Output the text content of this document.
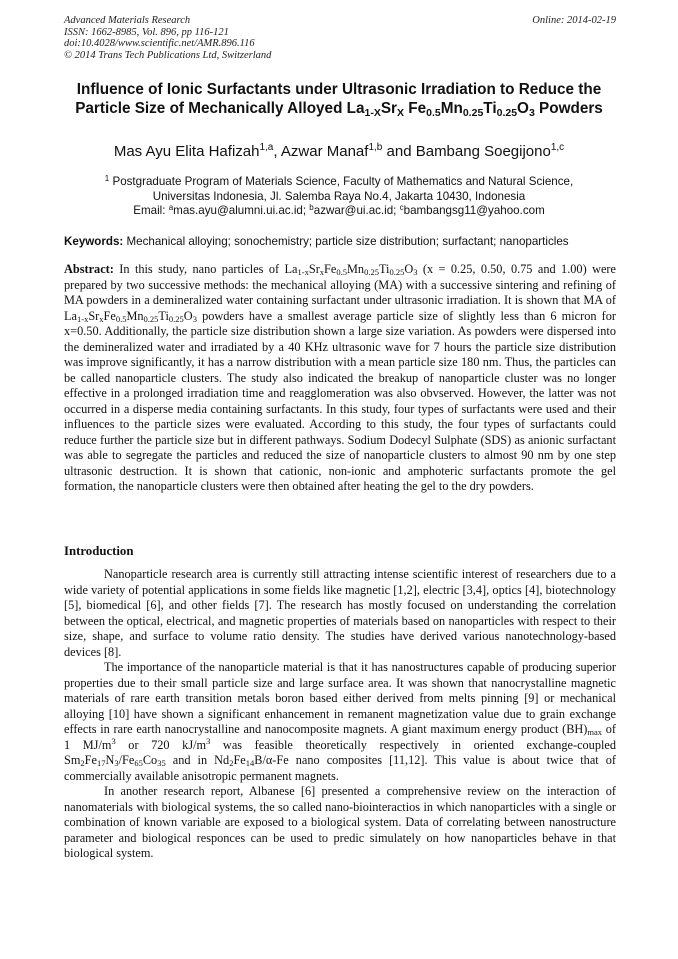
Advanced Materials Research
ISSN: 1662-8985, Vol. 896, pp 116-121
doi:10.4028/www.scientific.net/AMR.896.116
© 2014 Trans Tech Publications Ltd, Switzerland
Online: 2014-02-19
Influence of Ionic Surfactants under Ultrasonic Irradiation to Reduce the
Particle Size of Mechanically Alloyed $La_{1-X}Sr_X$ $Fe_{0.5}Mn_{0.25}Ti_{0.25}O_3$ Powders
Mas Ayu Elita Hafizah$^{1,a}$, Azwar Manaf$^{1,b}$ and Bambang Soegijono$^{1,c}$
$^1$ Postgraduate Program of Materials Science, Faculty of Mathematics and Natural Science,
Universitas Indonesia, Jl. Salemba Raya No.4, Jakarta 10430, Indonesia
Email: $^a$mas.ayu@alumni.ui.ac.id; $^b$azwar@ui.ac.id; $^c$bambangsg11@yahoo.com
Keywords: Mechanical alloying; sonochemistry; particle size distribution; surfactant; nanoparticles
Abstract: In this study, nano particles of $La_{1-x}Sr_xFe_{0.5}Mn_{0.25}Ti_{0.25}O_3$ (x = 0.25, 0.50, 0.75 and 1.00) were prepared by two successive methods: the mechanical alloying (MA) with a successive sintering and refining of MA powders in a demineralized water containing surfactant under ultrasonic irradiation. It is shown that MA of $La_{1-x}Sr_xFe_{0.5}Mn_{0.25}Ti_{0.25}O_3$ powders have a smallest average particle size of slightly less than 6 micron for x=0.50. Additionally, the particle size distribution shown a large size variation. As powders were dispersed into the demineralized water and irradiated by a 40 KHz ultrasonic wave for 7 hours the particle size distribution was improve significantly, it has a narrow distribution with a mean particle size 180 nm. Thus, the particles can be called nanoparticle clusters. The study also indicated the breakup of nanoparticle cluster was no longer effective in a prolonged irradiation time and reagglomeration was also obvserved. However, the latter was not occurred in a disperse media containing surfactants. In this study, four types of surfactants were used and their influences to the particle sizes were evaluated. According to this study, the four types of surfactants could reduce further the particle size but in different pathways. Sodium Dodecyl Sulphate (SDS) as anionic surfactant was able to segregate the particles and reduced the size of nanoparticle clusters to almost 90 nm by one step ultrasonic destruction. It is shown that cationic, non-ionic and amphoteric surfactants promote the gel formation, the nanoparticle clusters were then obtained after heating the gel to the dry powders.
Introduction

Nanoparticle research area is currently still attracting intense scientific interest of researchers due to a wide variety of potential applications in some fields like magnetic [1,2], electric [3,4], optics [4], biotechnology [5], biomedical [6], and other fields [7]. The research has mostly focused on understanding the correlation between the optical, electrical, and magnetic properties of materials based on nanoparticles with respect to their size, shape, and surface to volume ratio density. The studies have derived various nanotechnology-based devices [8].

The importance of the nanoparticle material is that it has nanostructures capable of producing superior properties due to their small particle size and large surface area. It was shown that nanocrystalline magnetic materials of rare earth transition metals boron based either derived from melts pinning [9] or mechanical alloying [10] have shown a significant enhancement in remanent magnetization value due to grain exchange effects in rare earth nanocrystalline and nanocomposite magnets. A giant maximum energy product $(BH)_{max}$ of 1 $MJ/m^3$ or 720 $kJ/m^3$ was feasible theoretically respectively in oriented exchange-coupled $Sm_2Fe_{17}N_3/Fe_{65}Co_{35}$ and in $Nd_2Fe_{14}B/\alpha-Fe$ nano composites [11,12]. This value is about twice that of commercially available anisotropic permanent magnets.

In another research report, Albanese [6] presented a comprehensive review on the interaction of nanomaterials with biological systems, the so called nano-biointeractios in which nanoparticles with a single or combination of known variable are exposed to a biological system. Data of correlating between nanostructure parameter and biological responces can be used to predic simulately on how nanoparticles behave in that biological system.
